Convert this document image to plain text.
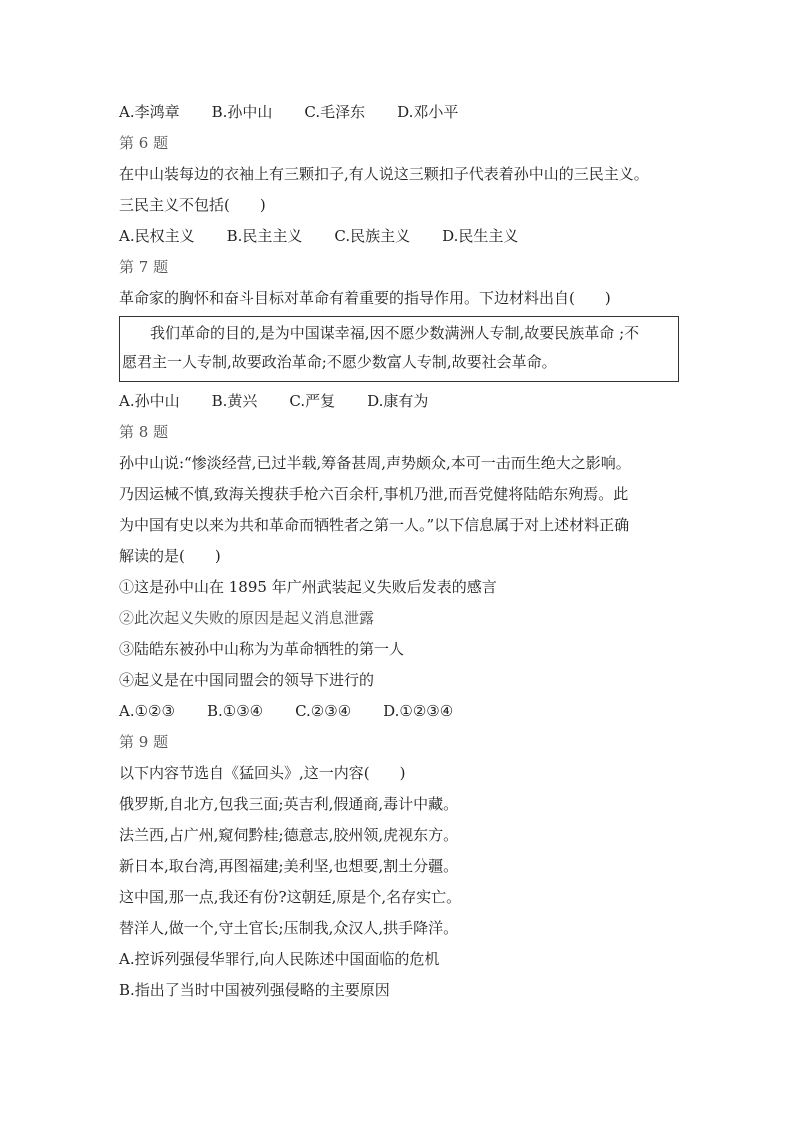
A.李鸿章 B.孙中山 C.毛泽东 D.邓小平
第 6 题
在中山装每边的衣袖上有三颗扣子,有人说这三颗扣子代表着孙中山的三民主义。
三民主义不包括(　　)
A.民权主义 B.民主主义 C.民族主义 D.民生主义
第 7 题
革命家的胸怀和奋斗目标对革命有着重要的指导作用。下边材料出自(　　)
我们革命的目的,是为中国谋幸福,因不愿少数满洲人专制,故要民族革命 ;不
愿君主一人专制,故要政治革命;不愿少数富人专制,故要社会革命。
A.孙中山 B.黄兴 C.严复 D.康有为
第 8 题
孙中山说:“惨淡经营,已过半载,筹备甚周,声势颇众,本可一击而生绝大之影响。
乃因运械不慎,致海关搜获手枪六百余杆,事机乃泄,而吾党健将陆皓东殉焉。此
为中国有史以来为共和革命而牺牲者之第一人。”以下信息属于对上述材料正确
解读的是(　　)
①这是孙中山在 1895 年广州武装起义失败后发表的感言
②此次起义失败的原因是起义消息泄露
③陆皓东被孙中山称为为革命牺牲的第一人
④起义是在中国同盟会的领导下进行的
A.①②③ B.①③④ C.②③④ D.①②③④
第 9 题
以下内容节选自《猛回头》,这一内容(　　)
俄罗斯,自北方,包我三面;英吉利,假通商,毒计中藏。
法兰西,占广州,窥伺黔桂;德意志,胶州领,虎视东方。
新日本,取台湾,再图福建;美利坚,也想要,割土分疆。
这中国,那一点,我还有份?这朝廷,原是个,名存实亡。
替洋人,做一个,守土官长;压制我,众汉人,拱手降洋。
A.控诉列强侵华罪行,向人民陈述中国面临的危机
B.指出了当时中国被列强侵略的主要原因
